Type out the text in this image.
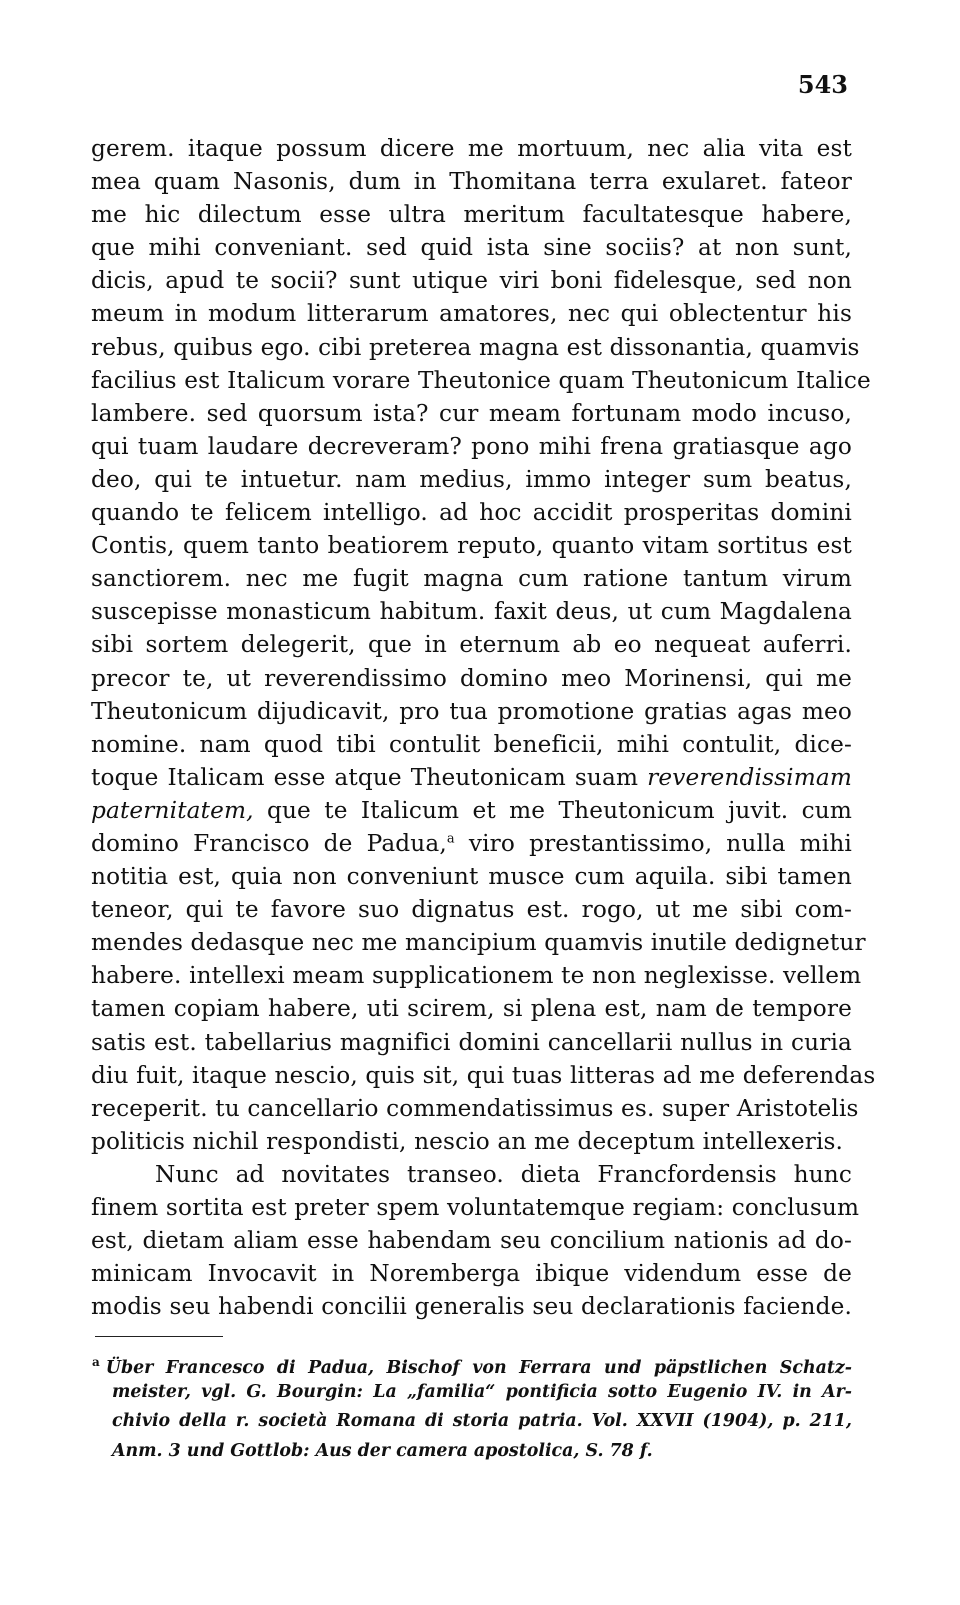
543
gerem. itaque possum dicere me mortuum, nec alia vita est
mea quam Nasonis, dum in Thomitana terra exularet. fateor
me hic dilectum esse ultra meritum facultatesque habere,
que mihi conveniant. sed quid ista sine sociis? at non sunt,
dicis, apud te socii? sunt utique viri boni fidelesque, sed non
meum in modum litterarum amatores, nec qui oblectentur his
rebus, quibus ego. cibi preterea magna est dissonantia, quamvis
facilius est Italicum vorare Theutonice quam Theutonicum Italice
lambere. sed quorsum ista? cur meam fortunam modo incuso,
qui tuam laudare decreveram? pono mihi frena gratiasque ago
deo, qui te intuetur. nam medius, immo integer sum beatus,
quando te felicem intelligo. ad hoc accidit prosperitas domini
Contis, quem tanto beatiorem reputo, quanto vitam sortitus est
sanctiorem. nec me fugit magna cum ratione tantum virum
suscepisse monasticum habitum. faxit deus, ut cum Magdalena
sibi sortem delegerit, que in eternum ab eo nequeat auferri.
precor te, ut reverendissimo domino meo Morinensi, qui me
Theutonicum dijudicavit, pro tua promotione gratias agas meo
nomine. nam quod tibi contulit beneficii, mihi contulit, dice-
toque Italicam esse atque Theutonicam suam reverendissimam
paternitatem, que te Italicum et me Theutonicum juvit. cum
domino Francisco de Padua,$^a$ viro prestantissimo, nulla mihi
notitia est, quia non conveniunt musce cum aquila. sibi tamen
teneor, qui te favore suo dignatus est. rogo, ut me sibi com-
mendes dedasque nec me mancipium quamvis inutile dedignetur
habere. intellexi meam supplicationem te non neglexisse. vellem
tamen copiam habere, uti scirem, si plena est, nam de tempore
satis est. tabellarius magnifici domini cancellarii nullus in curia
diu fuit, itaque nescio, quis sit, qui tuas litteras ad me deferendas
receperit. tu cancellario commendatissimus es. super Aristotelis
politicis nichil respondisti, nescio an me deceptum intellexeris.
Nunc ad novitates transeo. dieta Francfordensis hunc
finem sortita est preter spem voluntatemque regiam: conclusum
est, dietam aliam esse habendam seu concilium nationis ad do-
minicam Invocavit in Noremberga ibique videndum esse de
modis seu habendi concilii generalis seu declarationis faciende.
$^a$ Über Francesco di Padua, Bischof von Ferrara und päpstlichen Schatz-
meister, vgl. G. Bourgin: La „familia“ pontificia sotto Eugenio IV. in Ar-
chivio della r. società Romana di storia patria. Vol. XXVII (1904), p. 211,
Anm. 3 und Gottlob: Aus der camera apostolica, S. 78 f.
